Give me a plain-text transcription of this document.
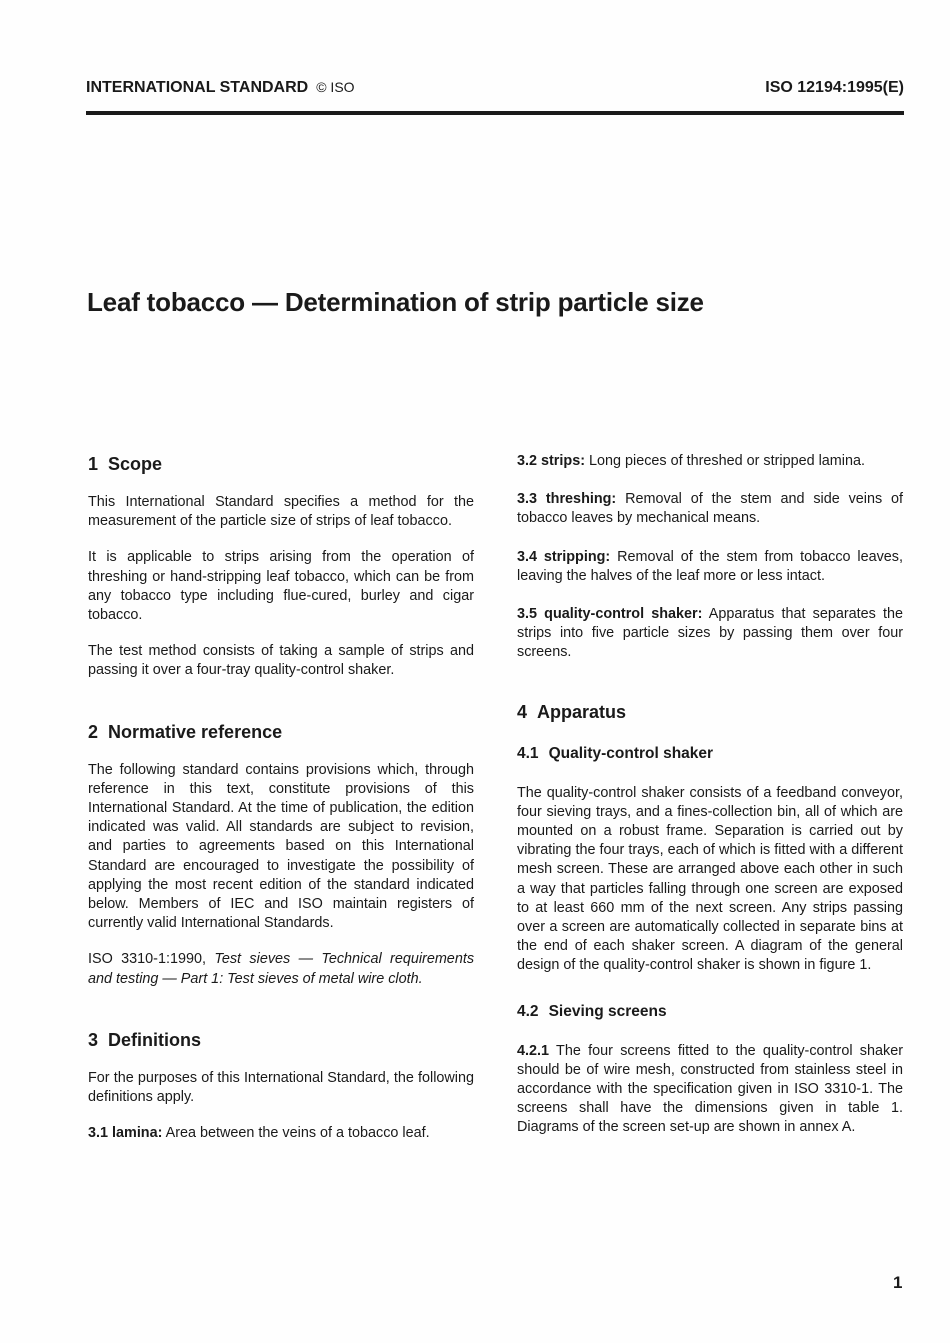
INTERNATIONAL STANDARD © ISO	ISO 12194:1995(E)
Leaf tobacco — Determination of strip particle size
1 Scope

This International Standard specifies a method for the measurement of the particle size of strips of leaf tobacco.

It is applicable to strips arising from the operation of threshing or hand-stripping leaf tobacco, which can be from any tobacco type including flue-cured, burley and cigar tobacco.

The test method consists of taking a sample of strips and passing it over a four-tray quality-control shaker.

2 Normative reference

The following standard contains provisions which, through reference in this text, constitute provisions of this International Standard. At the time of publication, the edition indicated was valid. All standards are subject to revision, and parties to agreements based on this International Standard are encouraged to investigate the possibility of applying the most recent edition of the standard indicated below. Members of IEC and ISO maintain registers of currently valid International Standards.

ISO 3310-1:1990, Test sieves — Technical requirements and testing — Part 1: Test sieves of metal wire cloth.

3 Definitions

For the purposes of this International Standard, the following definitions apply.

3.1 lamina: Area between the veins of a tobacco leaf.

3.2 strips: Long pieces of threshed or stripped lamina.

3.3 threshing: Removal of the stem and side veins of tobacco leaves by mechanical means.

3.4 stripping: Removal of the stem from tobacco leaves, leaving the halves of the leaf more or less intact.

3.5 quality-control shaker: Apparatus that separates the strips into five particle sizes by passing them over four screens.

4 Apparatus
4.1 Quality-control shaker

The quality-control shaker consists of a feedband conveyor, four sieving trays, and a fines-collection bin, all of which are mounted on a robust frame. Separation is carried out by vibrating the four trays, each of which is fitted with a different mesh screen. These are arranged above each other in such a way that particles falling through one screen are exposed to at least 660 mm of the next screen. Any strips passing over a screen are automatically collected in separate bins at the end of each shaker screen. A diagram of the general design of the quality-control shaker is shown in figure 1.

4.2 Sieving screens

4.2.1 The four screens fitted to the quality-control shaker should be of wire mesh, constructed from stainless steel in accordance with the specification given in ISO 3310-1. The screens shall have the dimensions given in table 1. Diagrams of the screen set-up are shown in annex A.

1
